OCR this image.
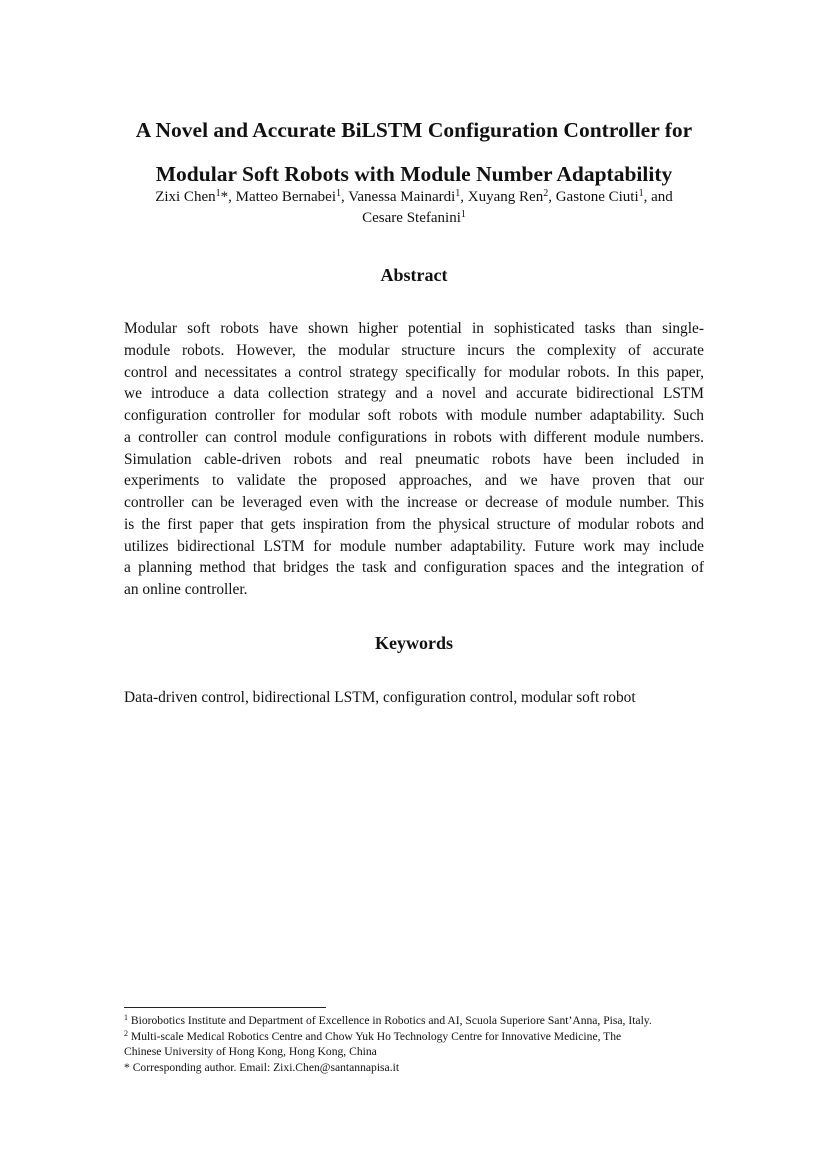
A Novel and Accurate BiLSTM Configuration Controller for
Modular Soft Robots with Module Number Adaptability

Zixi Chen$^1$*, Matteo Bernabei$^1$, Vanessa Mainardi$^1$, Xuyang Ren$^2$, Gastone Ciuti$^1$, and
Cesare Stefanini$^1$

Abstract

Modular soft robots have shown higher potential in sophisticated tasks than single-
module robots. However, the modular structure incurs the complexity of accurate
control and necessitates a control strategy specifically for modular robots. In this paper,
we introduce a data collection strategy and a novel and accurate bidirectional LSTM
configuration controller for modular soft robots with module number adaptability. Such
a controller can control module configurations in robots with different module numbers.
Simulation cable-driven robots and real pneumatic robots have been included in
experiments to validate the proposed approaches, and we have proven that our
controller can be leveraged even with the increase or decrease of module number. This
is the first paper that gets inspiration from the physical structure of modular robots and
utilizes bidirectional LSTM for module number adaptability. Future work may include
a planning method that bridges the task and configuration spaces and the integration of
an online controller.

Keywords

Data-driven control, bidirectional LSTM, configuration control, modular soft robot

$^1$ Biorobotics Institute and Department of Excellence in Robotics and AI, Scuola Superiore Sant’Anna, Pisa, Italy.
$^2$ Multi-scale Medical Robotics Centre and Chow Yuk Ho Technology Centre for Innovative Medicine, The
Chinese University of Hong Kong, Hong Kong, China
* Corresponding author. Email: Zixi.Chen@santannapisa.it
